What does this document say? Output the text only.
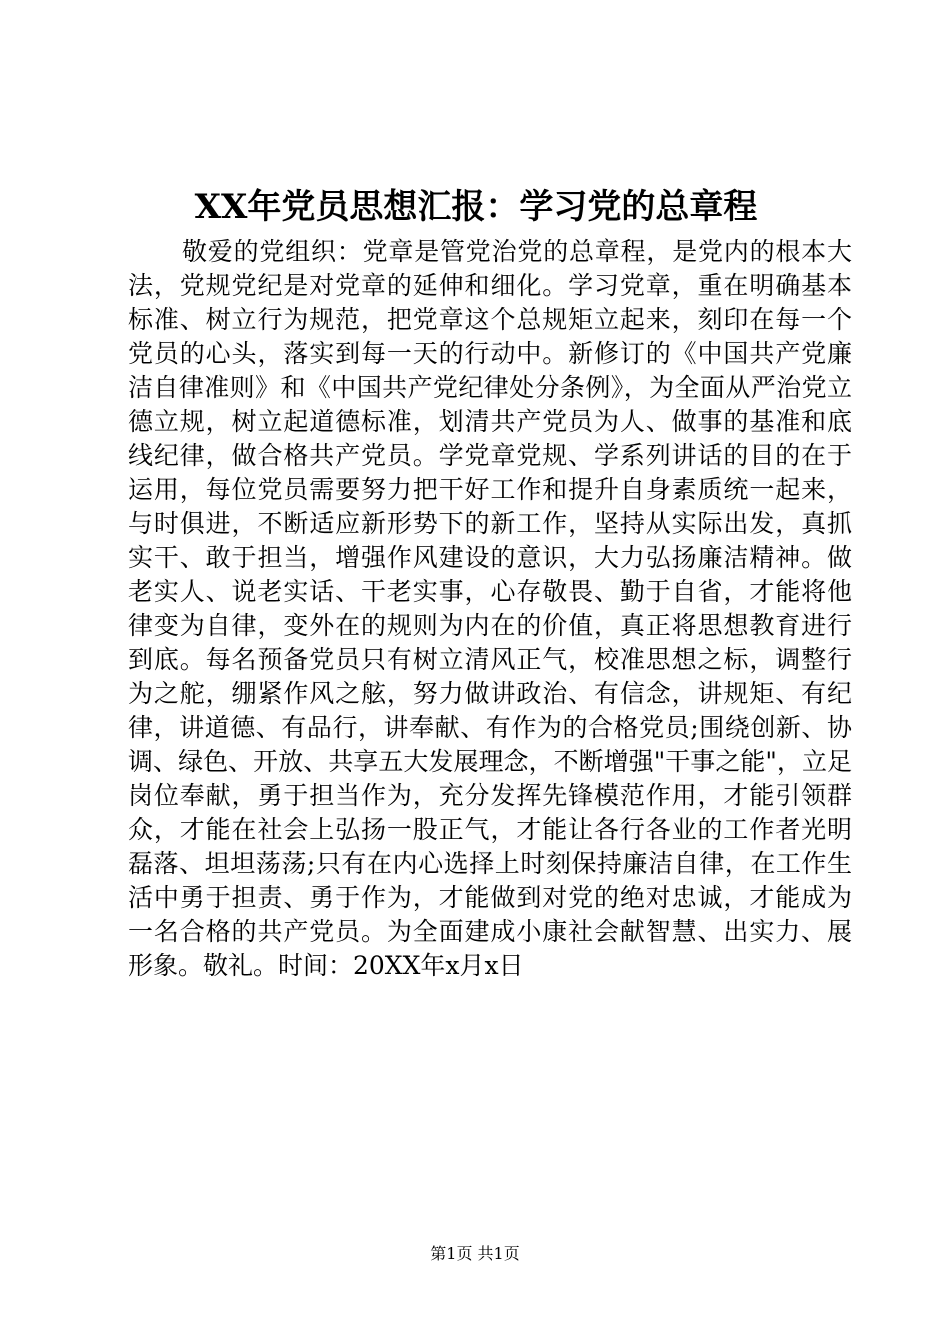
XX年党员思想汇报：学习党的总章程

敬爱的党组织：党章是管党治党的总章程，是党内的根本大法，党规党纪是对党章的延伸和细化。学习党章，重在明确基本标准、树立行为规范，把党章这个总规矩立起来，刻印在每一个党员的心头，落实到每一天的行动中。新修订的《中国共产党廉洁自律准则》和《中国共产党纪律处分条例》，为全面从严治党立德立规，树立起道德标准，划清共产党员为人、做事的基准和底线纪律，做合格共产党员。学党章党规、学系列讲话的目的在于运用，每位党员需要努力把干好工作和提升自身素质统一起来，与时俱进，不断适应新形势下的新工作，坚持从实际出发，真抓实干、敢于担当，增强作风建设的意识，大力弘扬廉洁精神。做老实人、说老实话、干老实事，心存敬畏、勤于自省，才能将他律变为自律，变外在的规则为内在的价值，真正将思想教育进行到底。每名预备党员只有树立清风正气，校准思想之标，调整行为之舵，绷紧作风之舷，努力做讲政治、有信念，讲规矩、有纪律，讲道德、有品行，讲奉献、有作为的合格党员;围绕创新、协调、绿色、开放、共享五大发展理念，不断增强"干事之能"，立足岗位奉献，勇于担当作为，充分发挥先锋模范作用，才能引领群众，才能在社会上弘扬一股正气，才能让各行各业的工作者光明磊落、坦坦荡荡;只有在内心选择上时刻保持廉洁自律，在工作生活中勇于担责、勇于作为，才能做到对党的绝对忠诚，才能成为一名合格的共产党员。为全面建成小康社会献智慧、出实力、展形象。敬礼。时间：20XX年x月x日

第1页 共1页
